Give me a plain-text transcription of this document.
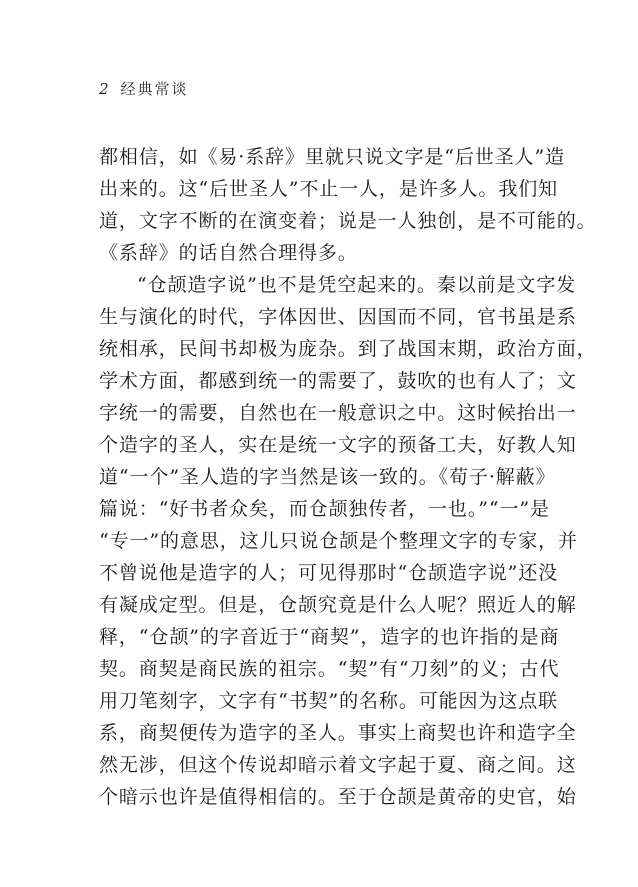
2 经典常谈
都相信，如《易·系辞》里就只说文字是“后世圣人”造
出来的。这“后世圣人”不止一人，是许多人。我们知
道，文字不断的在演变着；说是一人独创，是不可能的。
《系辞》的话自然合理得多。
“仓颉造字说”也不是凭空起来的。秦以前是文字发
生与演化的时代，字体因世、因国而不同，官书虽是系
统相承，民间书却极为庞杂。到了战国末期，政治方面，
学术方面，都感到统一的需要了，鼓吹的也有人了；文
字统一的需要，自然也在一般意识之中。这时候抬出一
个造字的圣人，实在是统一文字的预备工夫，好教人知
道“一个”圣人造的字当然是该一致的。《荀子·解蔽》
篇说：“好书者众矣，而仓颉独传者，一也。”“一”是
“专一”的意思，这儿只说仓颉是个整理文字的专家，并
不曾说他是造字的人；可见得那时“仓颉造字说”还没
有凝成定型。但是，仓颉究竟是什么人呢？照近人的解
释，“仓颉”的字音近于“商契”，造字的也许指的是商
契。商契是商民族的祖宗。“契”有“刀刻”的义；古代
用刀笔刻字，文字有“书契”的名称。可能因为这点联
系，商契便传为造字的圣人。事实上商契也许和造字全
然无涉，但这个传说却暗示着文字起于夏、商之间。这
个暗示也许是值得相信的。至于仓颉是黄帝的史官，始
